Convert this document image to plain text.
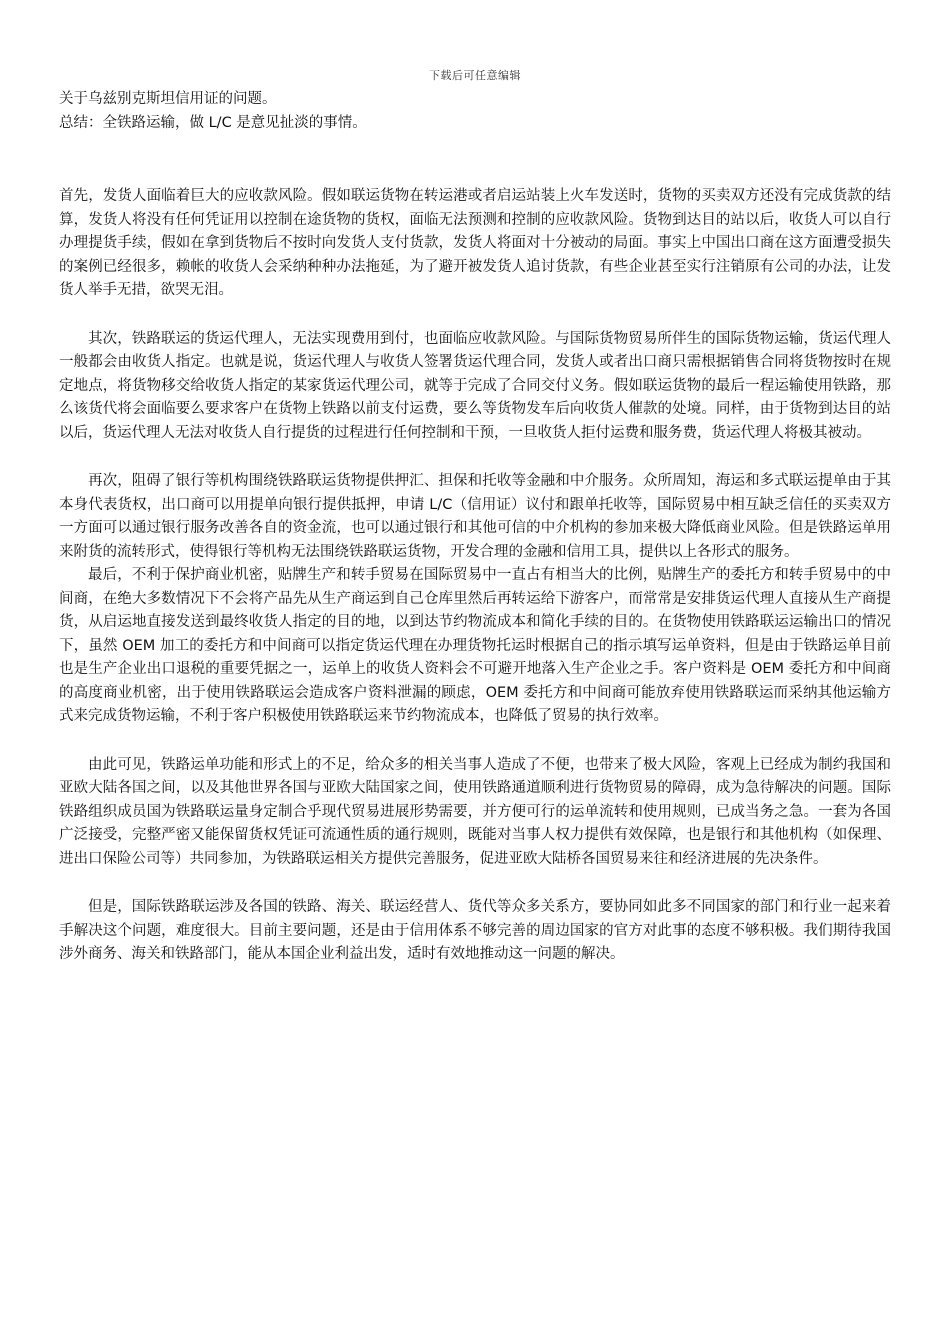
下载后可任意编辑

关于乌兹别克斯坦信用证的问题。

总结：全铁路运输，做 L/C 是意见扯淡的事情。

首先，发货人面临着巨大的应收款风险。假如联运货物在转运港或者启运站装上火车发送时，货物的买卖双方还没有完成货款的结算，发货人将没有任何凭证用以控制在途货物的货权，面临无法预测和控制的应收款风险。货物到达目的站以后，收货人可以自行办理提货手续，假如在拿到货物后不按时向发货人支付货款，发货人将面对十分被动的局面。事实上中国出口商在这方面遭受损失的案例已经很多，赖帐的收货人会采纳种种办法拖延，为了避开被发货人追讨货款，有些企业甚至实行注销原有公司的办法，让发货人举手无措，欲哭无泪。

其次，铁路联运的货运代理人，无法实现费用到付，也面临应收款风险。与国际货物贸易所伴生的国际货物运输，货运代理人一般都会由收货人指定。也就是说，货运代理人与收货人签署货运代理合同，发货人或者出口商只需根据销售合同将货物按时在规定地点，将货物移交给收货人指定的某家货运代理公司，就等于完成了合同交付义务。假如联运货物的最后一程运输使用铁路，那么该货代将会面临要么要求客户在货物上铁路以前支付运费，要么等货物发车后向收货人催款的处境。同样，由于货物到达目的站以后，货运代理人无法对收货人自行提货的过程进行任何控制和干预，一旦收货人拒付运费和服务费，货运代理人将极其被动。

再次，阻碍了银行等机构围绕铁路联运货物提供押汇、担保和托收等金融和中介服务。众所周知，海运和多式联运提单由于其本身代表货权，出口商可以用提单向银行提供抵押，申请 L/C（信用证）议付和跟单托收等，国际贸易中相互缺乏信任的买卖双方一方面可以通过银行服务改善各自的资金流，也可以通过银行和其他可信的中介机构的参加来极大降低商业风险。但是铁路运单用来附货的流转形式，使得银行等机构无法围绕铁路联运货物，开发合理的金融和信用工具，提供以上各形式的服务。

最后，不利于保护商业机密，贴牌生产和转手贸易在国际贸易中一直占有相当大的比例，贴牌生产的委托方和转手贸易中的中间商，在绝大多数情况下不会将产品先从生产商运到自己仓库里然后再转运给下游客户，而常常是安排货运代理人直接从生产商提货，从启运地直接发送到最终收货人指定的目的地，以到达节约物流成本和简化手续的目的。在货物使用铁路联运运输出口的情况下，虽然 OEM 加工的委托方和中间商可以指定货运代理在办理货物托运时根据自己的指示填写运单资料，但是由于铁路运单目前也是生产企业出口退税的重要凭据之一，运单上的收货人资料会不可避开地落入生产企业之手。客户资料是 OEM 委托方和中间商的高度商业机密，出于使用铁路联运会造成客户资料泄漏的顾虑，OEM 委托方和中间商可能放弃使用铁路联运而采纳其他运输方式来完成货物运输，不利于客户积极使用铁路联运来节约物流成本，也降低了贸易的执行效率。

由此可见，铁路运单功能和形式上的不足，给众多的相关当事人造成了不便，也带来了极大风险，客观上已经成为制约我国和亚欧大陆各国之间，以及其他世界各国与亚欧大陆国家之间，使用铁路通道顺利进行货物贸易的障碍，成为急待解决的问题。国际铁路组织成员国为铁路联运量身定制合乎现代贸易进展形势需要，并方便可行的运单流转和使用规则，已成当务之急。一套为各国广泛接受，完整严密又能保留货权凭证可流通性质的通行规则，既能对当事人权力提供有效保障，也是银行和其他机构（如保理、进出口保险公司等）共同参加，为铁路联运相关方提供完善服务，促进亚欧大陆桥各国贸易来往和经济进展的先决条件。

但是，国际铁路联运涉及各国的铁路、海关、联运经营人、货代等众多关系方，要协同如此多不同国家的部门和行业一起来着手解决这个问题，难度很大。目前主要问题，还是由于信用体系不够完善的周边国家的官方对此事的态度不够积极。我们期待我国涉外商务、海关和铁路部门，能从本国企业利益出发，适时有效地推动这一问题的解决。
